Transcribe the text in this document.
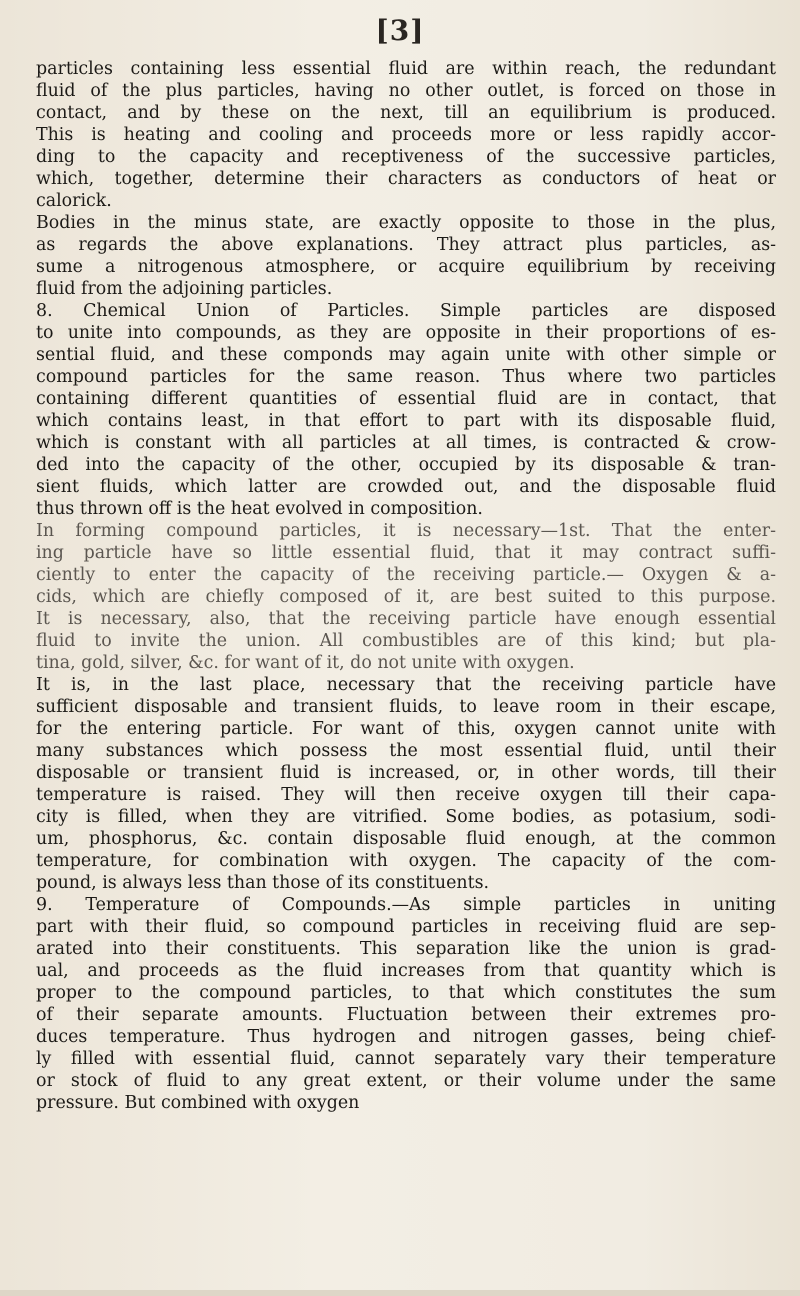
[3]
particles containing less essential fluid are within reach, the redundant
fluid of the plus particles, having no other outlet, is forced on those in
contact, and by these on the next, till an equilibrium is produced.
This is heating and cooling and proceeds more or less rapidly accor-
ding to the capacity and receptiveness of the successive particles,
which, together, determine their characters as conductors of heat or
calorick.
Bodies in the minus state, are exactly opposite to those in the plus,
as regards the above explanations. They attract plus particles, as-
sume a nitrogenous atmosphere, or acquire equilibrium by receiving
fluid from the adjoining particles.
8. Chemical Union of Particles. Simple particles are disposed
to unite into compounds, as they are opposite in their proportions of es-
sential fluid, and these componds may again unite with other simple or
compound particles for the same reason. Thus where two particles
containing different quantities of essential fluid are in contact, that
which contains least, in that effort to part with its disposable fluid,
which is constant with all particles at all times, is contracted & crow-
ded into the capacity of the other, occupied by its disposable & tran-
sient fluids, which latter are crowded out, and the disposable fluid
thus thrown off is the heat evolved in composition.
In forming compound particles, it is necessary—1st. That the enter-
ing particle have so little essential fluid, that it may contract suffi-
ciently to enter the capacity of the receiving particle.— Oxygen & a-
cids, which are chiefly composed of it, are best suited to this purpose.
It is necessary, also, that the receiving particle have enough essential
fluid to invite the union. All combustibles are of this kind; but pla-
tina, gold, silver, &c. for want of it, do not unite with oxygen.
It is, in the last place, necessary that the receiving particle have
sufficient disposable and transient fluids, to leave room in their escape,
for the entering particle. For want of this, oxygen cannot unite with
many substances which possess the most essential fluid, until their
disposable or transient fluid is increased, or, in other words, till their
temperature is raised. They will then receive oxygen till their capa-
city is filled, when they are vitrified. Some bodies, as potasium, sodi-
um, phosphorus, &c. contain disposable fluid enough, at the common
temperature, for combination with oxygen. The capacity of the com-
pound, is always less than those of its constituents.
9. Temperature of Compounds.—As simple particles in uniting
part with their fluid, so compound particles in receiving fluid are sep-
arated into their constituents. This separation like the union is grad-
ual, and proceeds as the fluid increases from that quantity which is
proper to the compound particles, to that which constitutes the sum
of their separate amounts. Fluctuation between their extremes pro-
duces temperature. Thus hydrogen and nitrogen gasses, being chief-
ly filled with essential fluid, cannot separately vary their temperature
or stock of fluid to any great extent, or their volume under the same
pressure. But combined with oxygen
